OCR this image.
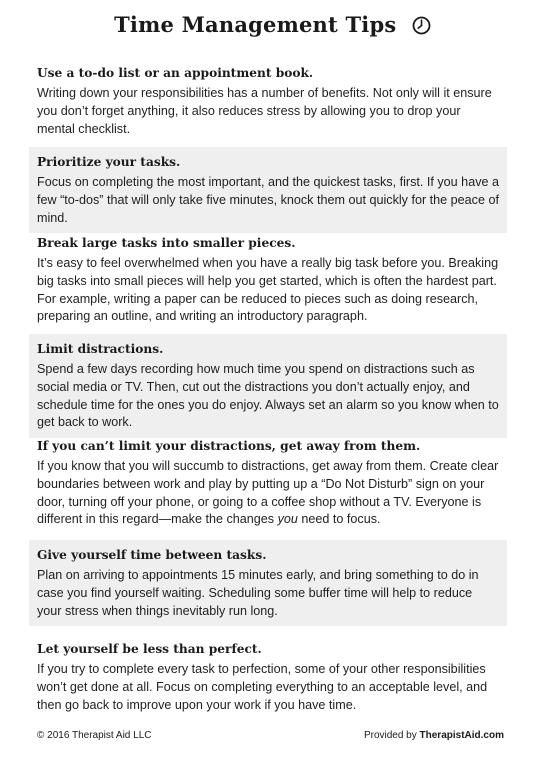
Time Management Tips
Use a to-do list or an appointment book.
Writing down your responsibilities has a number of benefits. Not only will it ensure you don’t forget anything, it also reduces stress by allowing you to drop your mental checklist.
Prioritize your tasks.
Focus on completing the most important, and the quickest tasks, first. If you have a few “to-dos” that will only take five minutes, knock them out quickly for the peace of mind.
Break large tasks into smaller pieces.
It’s easy to feel overwhelmed when you have a really big task before you. Breaking big tasks into small pieces will help you get started, which is often the hardest part. For example, writing a paper can be reduced to pieces such as doing research, preparing an outline, and writing an introductory paragraph.
Limit distractions.
Spend a few days recording how much time you spend on distractions such as social media or TV. Then, cut out the distractions you don’t actually enjoy, and schedule time for the ones you do enjoy. Always set an alarm so you know when to get back to work.
If you can’t limit your distractions, get away from them.
If you know that you will succumb to distractions, get away from them. Create clear boundaries between work and play by putting up a “Do Not Disturb” sign on your door, turning off your phone, or going to a coffee shop without a TV. Everyone is different in this regard—make the changes you need to focus.
Give yourself time between tasks.
Plan on arriving to appointments 15 minutes early, and bring something to do in case you find yourself waiting. Scheduling some buffer time will help to reduce your stress when things inevitably run long.
Let yourself be less than perfect.
If you try to complete every task to perfection, some of your other responsibilities won’t get done at all. Focus on completing everything to an acceptable level, and then go back to improve upon your work if you have time.
© 2016 Therapist Aid LLC	Provided by TherapistAid.com
